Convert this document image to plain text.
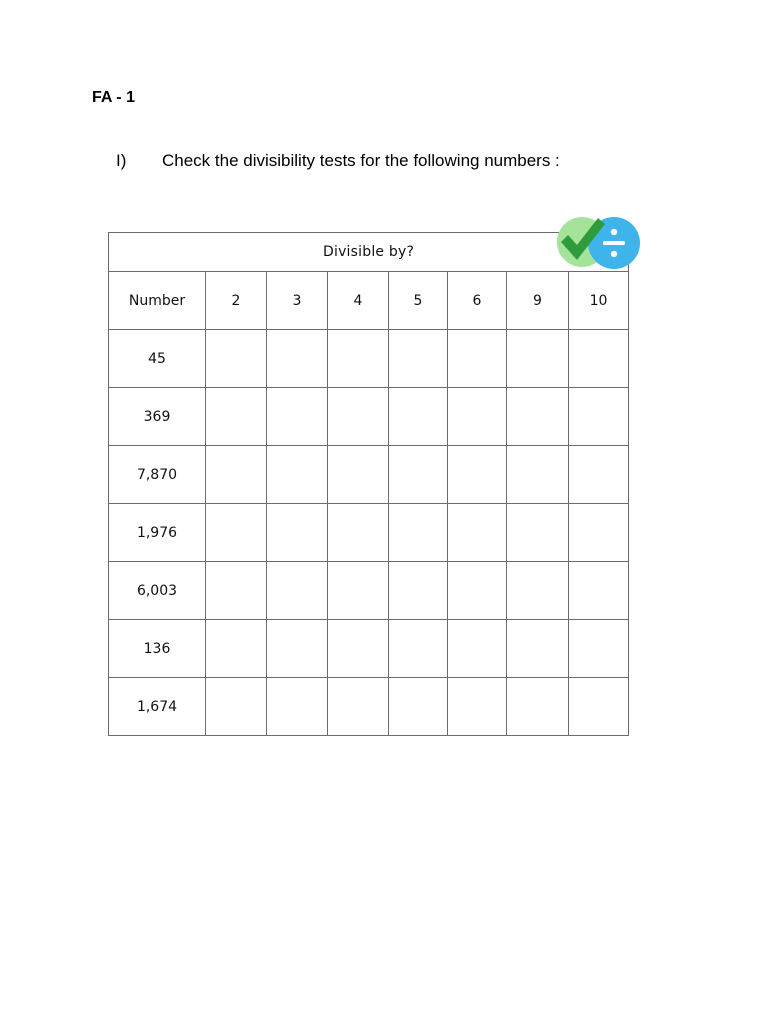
FA - 1

I)	Check the divisibility tests for the following numbers :

Divisible by?							
Number	2	3	4	5	6	9	10
45							
369							
7,870							
1,976							
6,003							
136							
1,674							
